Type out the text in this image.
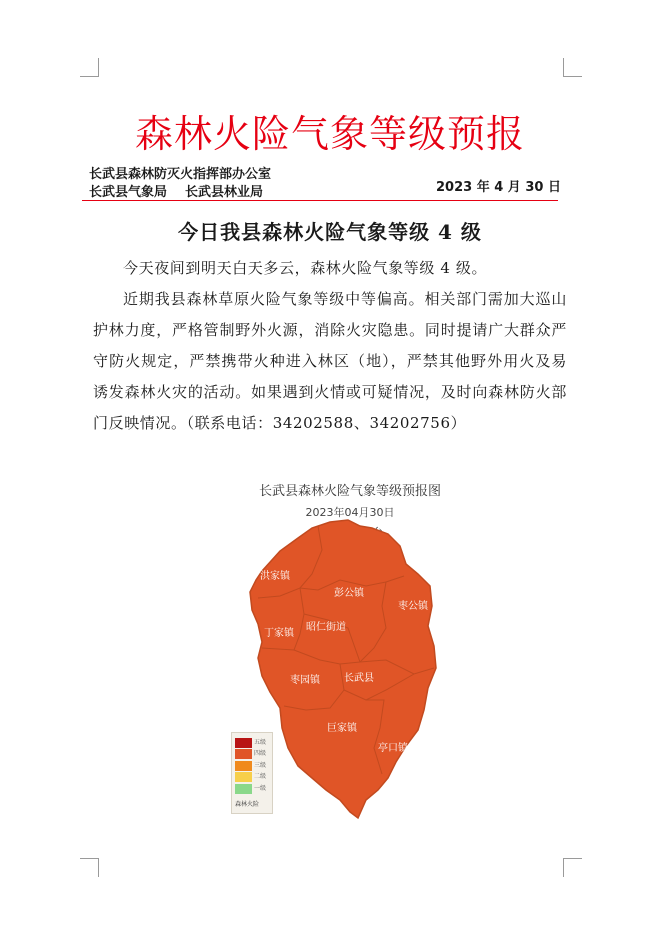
森林火险气象等级预报
长武县森林防灭火指挥部办公室
长武县气象局 长武县林业局	2023 年 4 月 30 日
今日我县森林火险气象等级 4 级

今天夜间到明天白天多云，森林火险气象等级 4 级。

近期我县森林草原火险气象等级中等偏高。相关部门需加大巡山护林力度，严格管制野外火源，消除火灾隐患。同时提请广大群众严守防火规定，严禁携带火种进入林区（地），严禁其他野外用火及易诱发森林火灾的活动。如果遇到火情或可疑情况，及时向森林防火部门反映情况。（联系电话：34202588、34202756）

长武县森林火险气象等级预报图
2023年04月30日
洪家镇
彭公镇
枣公镇
丁家镇
昭仁街道
枣园镇 长武县
巨家镇
亭口镇
五级
四级
三级
二级
一级
森林火险
